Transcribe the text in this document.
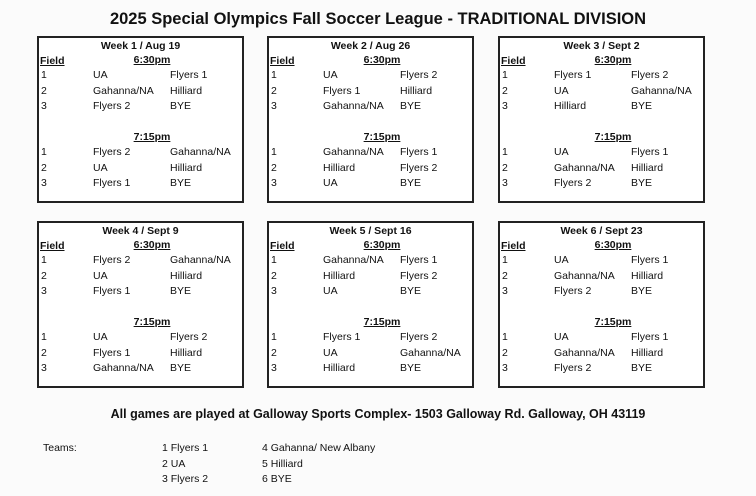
2025 Special Olympics Fall Soccer League - TRADITIONAL DIVISION
Week 1 / Aug 19
Field	6:30pm
1	UA	Flyers 1
2	Gahanna/NA Hilliard
3	Flyers 2	BYE
7:15pm
1	Flyers 2	Gahanna/NA
2	UA	Hilliard
3	Flyers 1	BYE
Week 2 / Aug 26
Field	6:30pm
1	UA	Flyers 2
2	Flyers 1	Hilliard
3	Gahanna/NA BYE
7:15pm
1	Gahanna/NA Flyers 1
2	Hilliard	Flyers 2
3	UA	BYE
Week 3 / Sept 2
Field	6:30pm
1	Flyers 1	Flyers 2
2	UA	Gahanna/NA
3	Hilliard	BYE
7:15pm
1	UA	Flyers 1
2	Gahanna/NA Hilliard
3	Flyers 2	BYE
Week 4 / Sept 9
Field	6:30pm
1	Flyers 2	Gahanna/NA
2	UA	Hilliard
3	Flyers 1	BYE
7:15pm
1	UA	Flyers 2
2	Flyers 1	Hilliard
3	Gahanna/NA BYE
Week 5 / Sept 16
Field	6:30pm
1	Gahanna/NA Flyers 1
2	Hilliard	Flyers 2
3	UA	BYE
7:15pm
1	Flyers 1	Flyers 2
2	UA	Gahanna/NA
3	Hilliard	BYE
Week 6 / Sept 23
Field	6:30pm
1	UA	Flyers 1
2	Gahanna/NA Hilliard
3	Flyers 2	BYE
7:15pm
1	UA	Flyers 1
2	Gahanna/NA Hilliard
3	Flyers 2	BYE
All games are played at Galloway Sports Complex- 1503 Galloway Rd. Galloway, OH 43119
Teams:	1 Flyers 1
2 UA
3 Flyers 2
4 Gahanna/ New Albany
5 Hilliard
6 BYE
